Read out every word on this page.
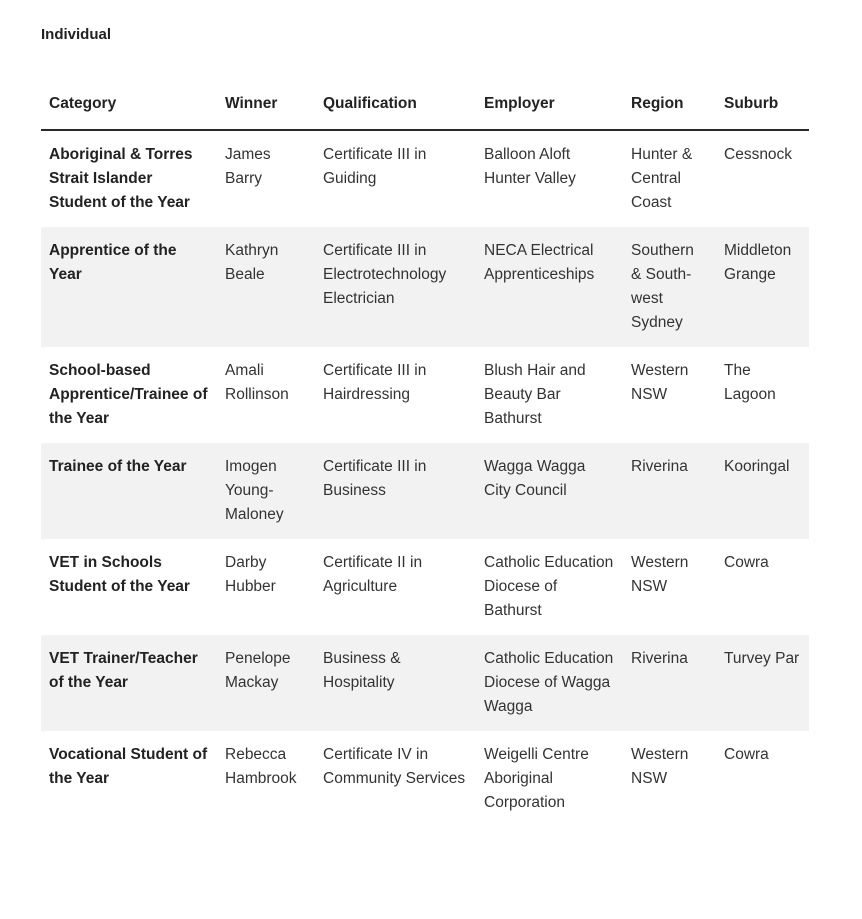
Individual
Category	Winner	Qualification	Employer	Region	Suburb
Aboriginal & Torres Strait Islander Student of the Year	James Barry	Certificate III in Guiding	Balloon Aloft Hunter Valley	Hunter & Central Coast	Cessnock
Apprentice of the Year	Kathryn Beale	Certificate III in Electrotechnology Electrician	NECA Electrical Apprenticeships	Southern & South-west Sydney	Middleton Grange
School-based Apprentice/Trainee of the Year	Amali Rollinson	Certificate III in Hairdressing	Blush Hair and Beauty Bar Bathurst	Western NSW	The Lagoon
Trainee of the Year	Imogen Young-Maloney	Certificate III in Business	Wagga Wagga City Council	Riverina	Kooringal
VET in Schools Student of the Year	Darby Hubber	Certificate II in Agriculture	Catholic Education Diocese of Bathurst	Western NSW	Cowra
VET Trainer/Teacher of the Year	Penelope Mackay	Business & Hospitality	Catholic Education Diocese of Wagga Wagga	Riverina	Turvey Par
Vocational Student of the Year	Rebecca Hambrook	Certificate IV in Community Services	Weigelli Centre Aboriginal Corporation	Western NSW	Cowra
